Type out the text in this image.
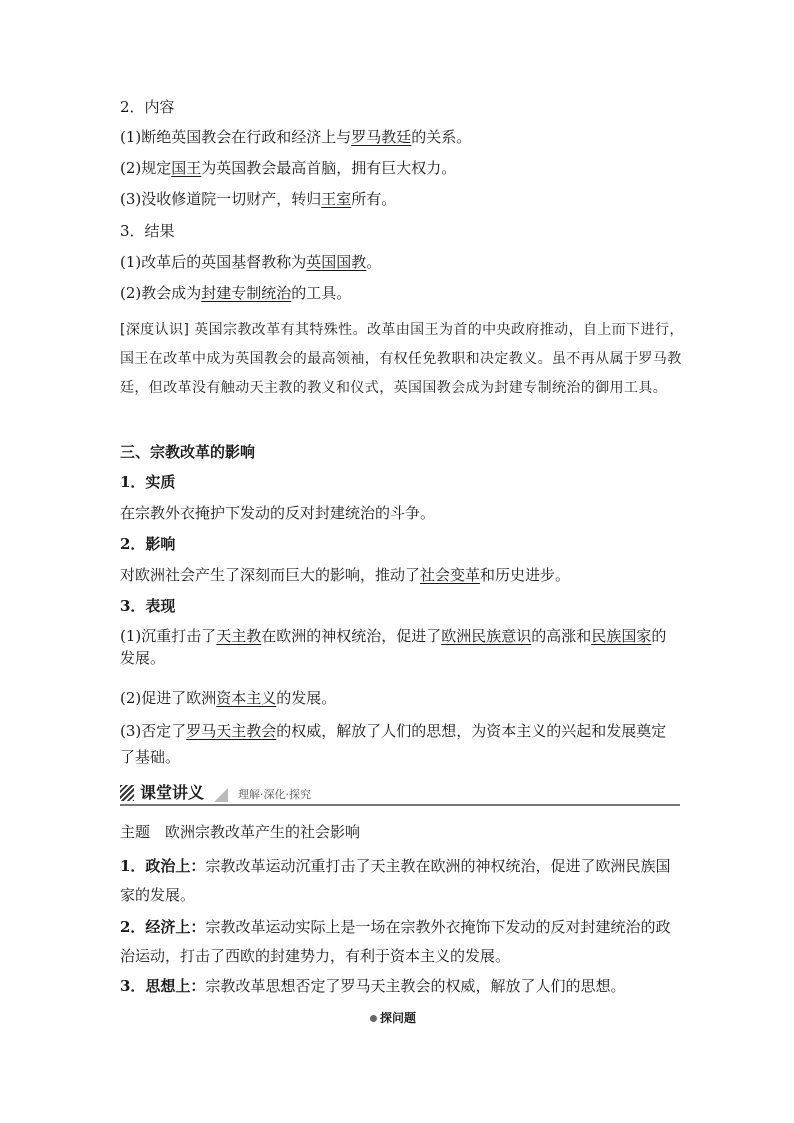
2．内容
(1)断绝英国教会在行政和经济上与罗马教廷的关系。
(2)规定国王为英国教会最高首脑，拥有巨大权力。
(3)没收修道院一切财产，转归王室所有。
3．结果
(1)改革后的英国基督教称为英国国教。
(2)教会成为封建专制统治的工具。
[深度认识] 英国宗教改革有其特殊性。改革由国王为首的中央政府推动，自上而下进行，国王在改革中成为英国教会的最高领袖，有权任免教职和决定教义。虽不再从属于罗马教廷，但改革没有触动天主教的教义和仪式，英国国教会成为封建专制统治的御用工具。
三、宗教改革的影响
1．实质
在宗教外衣掩护下发动的反对封建统治的斗争。
2．影响
对欧洲社会产生了深刻而巨大的影响，推动了社会变革和历史进步。
3．表现
(1)沉重打击了天主教在欧洲的神权统治，促进了欧洲民族意识的高涨和民族国家的发展。
(2)促进了欧洲资本主义的发展。
(3)否定了罗马天主教会的权威，解放了人们的思想，为资本主义的兴起和发展奠定了基础。
课堂讲义	理解·深化·探究
主题　欧洲宗教改革产生的社会影响
1．政治上：宗教改革运动沉重打击了天主教在欧洲的神权统治，促进了欧洲民族国家的发展。
2．经济上：宗教改革运动实际上是一场在宗教外衣掩饰下发动的反对封建统治的政治运动，打击了西欧的封建势力，有利于资本主义的发展。
3．思想上：宗教改革思想否定了罗马天主教会的权威，解放了人们的思想。
探问题
